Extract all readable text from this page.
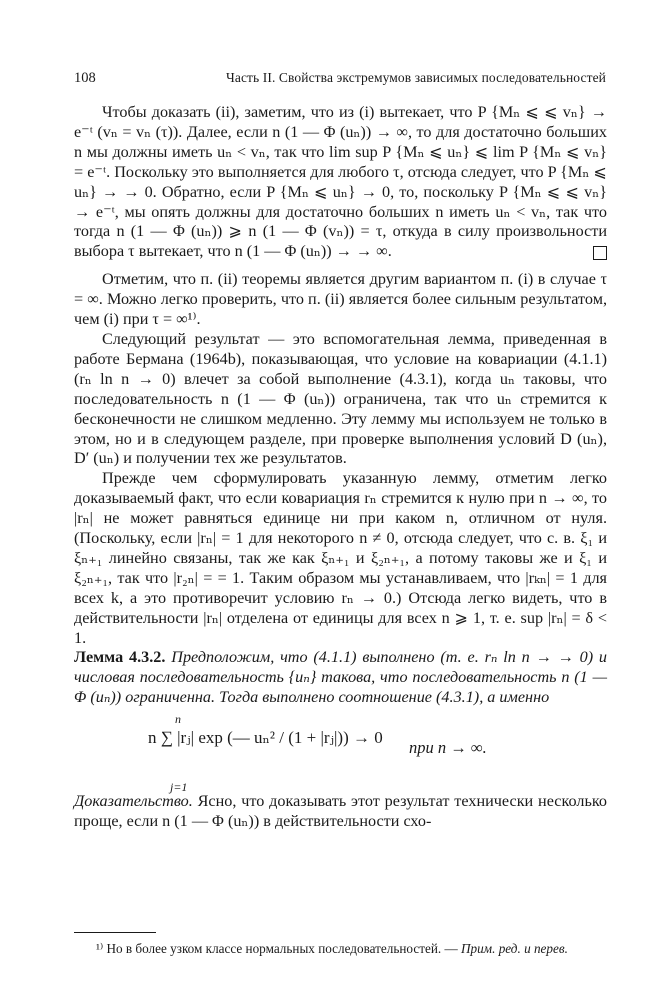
108	Часть II. Свойства экстремумов зависимых последовательностей

Чтобы доказать (ii), заметим, что из (i) вытекает, что P {Mₙ ⩽ ⩽ vₙ} → e⁻ᵗ (vₙ = vₙ (τ)). Далее, если n (1 — Φ (uₙ)) → ∞, то для достаточно больших n мы должны иметь uₙ < vₙ, так что lim sup P {Mₙ ⩽ uₙ} ⩽ lim P {Mₙ ⩽ vₙ} = e⁻ᵗ. Поскольку это выполняется для любого τ, отсюда следует, что P {Mₙ ⩽ uₙ} → → 0. Обратно, если P {Mₙ ⩽ uₙ} → 0, то, поскольку P {Mₙ ⩽ ⩽ vₙ} → e⁻ᵗ, мы опять должны для достаточно больших n иметь uₙ < vₙ, так что тогда n (1 — Φ (uₙ)) ⩾ n (1 — Φ (vₙ)) = τ, откуда в силу произвольности выбора τ вытекает, что n (1 — Φ (uₙ)) → → ∞.

Отметим, что п. (ii) теоремы является другим вариантом п. (i) в случае τ = ∞. Можно легко проверить, что п. (ii) является более сильным результатом, чем (i) при τ = ∞¹⁾.

Следующий результат — это вспомогательная лемма, приведенная в работе Бермана (1964b), показывающая, что условие на ковариации (4.1.1) (rₙ ln n → 0) влечет за собой выполнение (4.3.1), когда uₙ таковы, что последовательность n (1 — Φ (uₙ)) ограничена, так что uₙ стремится к бесконечности не слишком медленно. Эту лемму мы используем не только в этом, но и в следующем разделе, при проверке выполнения условий D (uₙ), D′ (uₙ) и получении тех же результатов.

Прежде чем сформулировать указанную лемму, отметим легко доказываемый факт, что если ковариация rₙ стремится к нулю при n → ∞, то |rₙ| не может равняться единице ни при каком n, отличном от нуля. (Поскольку, если |rₙ| = 1 для некоторого n ≠ 0, отсюда следует, что с. в. ξ₁ и ξₙ₊₁ линейно связаны, так же как ξₙ₊₁ и ξ₂ₙ₊₁, а потому таковы же и ξ₁ и ξ₂ₙ₊₁, так что |r₂ₙ| = = 1. Таким образом мы устанавливаем, что |rₖₙ| = 1 для всех k, а это противоречит условию rₙ → 0.) Отсюда легко видеть, что в действительности |rₙ| отделена от единицы для всех n ⩾ 1, т. е. sup |rₙ| = δ < 1.

Лемма 4.3.2. Предположим, что (4.1.1) выполнено (т. е. rₙ ln n → → 0) и числовая последовательность {uₙ} такова, что последовательность n (1 — Φ (uₙ)) ограниченна. Тогда выполнено соотношение (4.3.1), а именно

n
n ∑ |rⱼ| exp (— uₙ² / (1 + |rⱼ|)) → 0
j=1
при n → ∞.

Доказательство. Ясно, что доказывать этот результат технически несколько проще, если n (1 — Φ (uₙ)) в действительности схо-

¹⁾ Но в более узком классе нормальных последовательностей. — Прим. ред. и перев.
